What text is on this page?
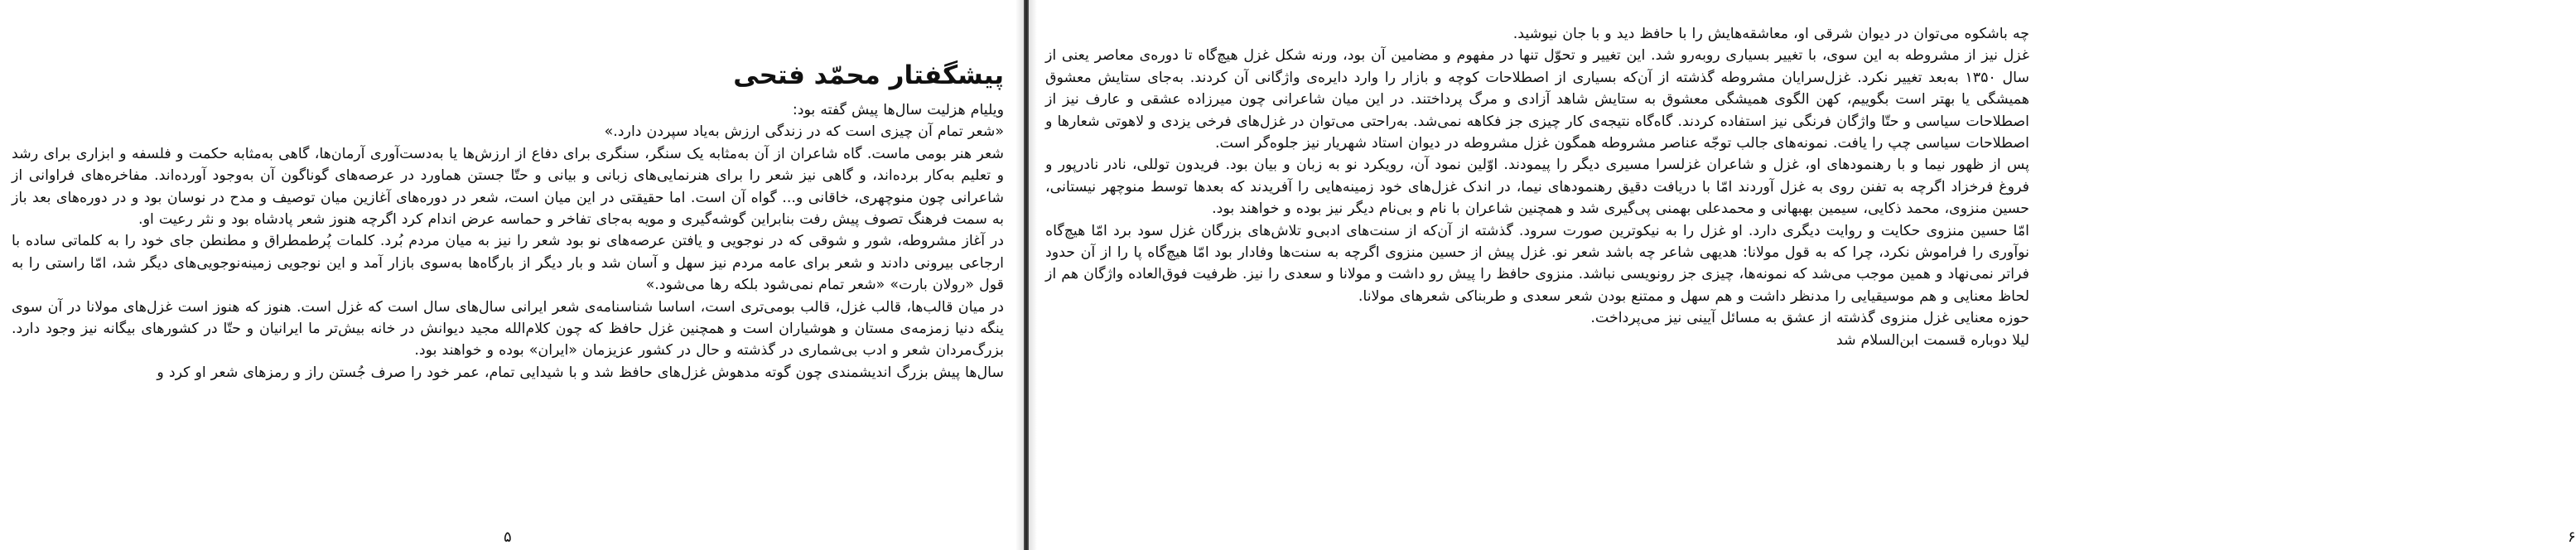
پیشگفتار محمّد فتحی

ویلیام هزلیت سال‌ها پیش گفته بود:

«شعر تمام آن چیزی است که در زندگی ارزش به‌یاد سپردن دارد.»

شعر هنر بومی ماست. گاه شاعران از آن به‌مثابه یک سنگر، سنگری برای دفاع از ارزش‌ها یا به‌دست‌آوری آرمان‌ها، گاهی به‌مثابه حکمت و فلسفه و ابزاری برای رشد و تعلیم به‌کار برده‌اند، و گاهی نیز شعر را برای هنرنمایی‌های زبانی و بیانی و حتّا جستن هماورد در عرصه‌های گوناگون آن به‌وجود آورده‌اند. مفاخره‌های فراوانی از شاعرانی چون منوچهری، خاقانی و... گواه آن است. اما حقیقتی در این میان است، شعر در دوره‌های آغازین میان توصیف و مدح در نوسان بود و در دوره‌های بعد باز به سمت فرهنگ تصوف پیش رفت بنابراین گوشه‌گیری و مویه به‌جای تفاخر و حماسه عرض اندام کرد اگرچه هنوز شعر پادشاه بود و نثر رعیت او.

در آغاز مشروطه، شور و شوقی که در نوجویی و یافتن عرصه‌های نو بود شعر را نیز به میان مردم بُرد. کلمات پُرطمطراق و مطنطن جای خود را به کلماتی ساده با ارجاعی بیرونی دادند و شعر برای عامه مردم نیز سهل و آسان شد و بار دیگر از بارگاه‌ها به‌سوی بازار آمد و این نوجویی زمینه‌نوجویی‌های دیگر شد، امّا راستی را به قول «رولان بارت» «شعر تمام نمی‌شود بلکه رها می‌شود.»

در میان قالب‌ها، قالب غزل، قالب بومی‌تری است، اساسا شناسنامه‌ی شعر ایرانی سال‌های سال است که غزل است. هنوز که هنوز است غزل‌های مولانا در آن سوی ینگه دنیا زمزمه‌ی مستان و هوشیاران است و همچنین غزل حافظ که چون کلام‌الله مجید دیوانش در خانه بیش‌تر ما ایرانیان و حتّا در کشورهای بیگانه نیز وجود دارد. بزرگ‌مردان شعر و ادب بی‌شماری در گذشته و حال در کشور عزیزمان «ایران» بوده و خواهند بود.

سال‌ها پیش بزرگ اندیشمندی چون گوته مدهوش غزل‌های حافظ شد و با شیدایی تمام، عمر خود را صرف جُستن راز و رمزهای شعر او کرد و

۵

چه باشکوه می‌توان در دیوان شرقی او، معاشقه‌هایش را با حافظ دید و با جان نیوشید.

غزل نیز از مشروطه به این سوی، با تغییر بسیاری روبه‌رو شد. این تغییر و تحوّل تنها در مفهوم و مضامین آن بود، ورنه شکل غزل هیچ‌گاه تا دوره‌ی معاصر یعنی از سال ۱۳۵۰ به‌بعد تغییر نکرد. غزل‌سرایان مشروطه گذشته از آن‌که بسیاری از اصطلاحات کوچه و بازار را وارد دایره‌ی واژگانی آن کردند. به‌جای ستایش معشوق همیشگی یا بهتر است بگوییم، کهن الگوی همیشگی معشوق به ستایش شاهد آزادی و مرگ پرداختند. در این میان شاعرانی چون میرزاده عشقی و عارف نیز از اصطلاحات سیاسی و حتّا واژگان فرنگی نیز استفاده کردند. گاه‌گاه نتیجه‌ی کار چیزی جز فکاهه نمی‌شد. به‌راحتی می‌توان در غزل‌های فرخی یزدی و لاهوتی شعارها و اصطلاحات سیاسی چپ را یافت. نمونه‌های جالب توجّه عناصر مشروطه همگون غزل مشروطه در دیوان استاد شهریار نیز جلوه‌گر است.

پس از ظهور نیما و با رهنمودهای او، غزل و شاعران غزلسرا مسیری دیگر را پیمودند. اوّلین نمود آن، رویکرد نو به زبان و بیان بود. فریدون توللی، نادر نادرپور و فروغ فرخزاد اگرچه به تفنن روی به غزل آوردند امّا با دریافت دقیق رهنمودهای نیما، در اندک غزل‌های خود زمینه‌هایی را آفریدند که بعدها توسط منوچهر نیستانی، حسین منزوی، محمد ذکایی، سیمین بهبهانی و محمدعلی بهمنی پی‌گیری شد و همچنین شاعران با نام و بی‌نام دیگر نیز بوده و خواهند بود.

امّا حسین منزوی حکایت و روایت دیگری دارد. او غزل را به نیکوترین صورت سرود. گذشته از آن‌که از سنت‌های ادبی‌و تلاش‌های بزرگان غزل سود برد امّا هیچ‌گاه نوآوری را فراموش نکرد، چرا که به قول مولانا: هدیهی شاعر چه باشد شعر نو. غزل پیش از حسین منزوی اگرچه به سنت‌ها وفادار بود امّا هیچ‌گاه پا را از آن حدود فراتر نمی‌نهاد و همین موجب می‌شد که نمونه‌ها، چیزی جز رونویسی نباشد. منزوی حافظ را پیش رو داشت و مولانا و سعدی را نیز. ظرفیت فوق‌العاده واژگان هم از لحاظ معنایی و هم موسیقیایی را مدنظر داشت و هم سهل و ممتنع بودن شعر سعدی و طربناکی شعرهای مولانا.

حوزه معنایی غزل منزوی گذشته از عشق به مسائل آیینی نیز می‌پرداخت.

لیلا دوباره قسمت ابن‌السلام شد

۶
